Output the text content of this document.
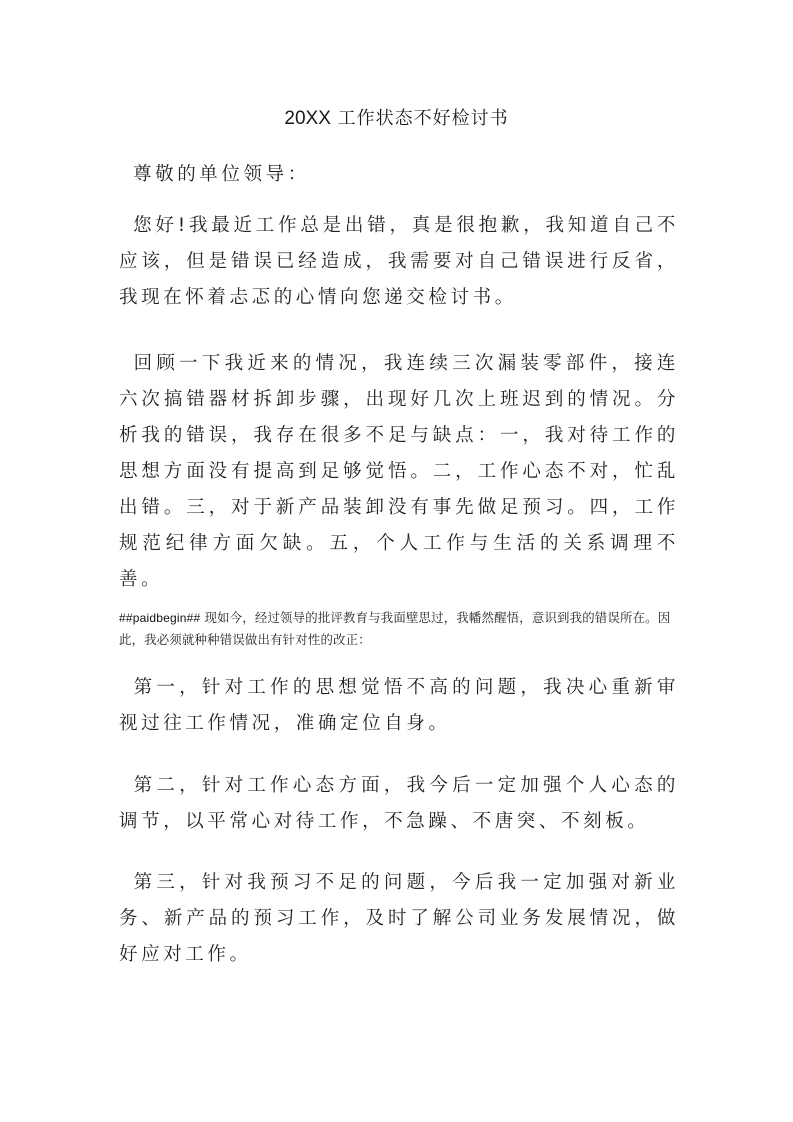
20XX 工作状态不好检讨书

尊敬的单位领导：

您好!我最近工作总是出错，真是很抱歉，我知道自己不应该，但是错误已经造成，我需要对自己错误进行反省，我现在怀着忐忑的心情向您递交检讨书。

回顾一下我近来的情况，我连续三次漏装零部件，接连六次搞错器材拆卸步骤，出现好几次上班迟到的情况。分析我的错误，我存在很多不足与缺点：一，我对待工作的思想方面没有提高到足够觉悟。二，工作心态不对，忙乱出错。三，对于新产品装卸没有事先做足预习。四，工作规范纪律方面欠缺。五，个人工作与生活的关系调理不善。

##paidbegin## 现如今，经过领导的批评教育与我面壁思过，我幡然醒悟，意识到我的错误所在。因此，我必须就种种错误做出有针对性的改正：

第一，针对工作的思想觉悟不高的问题，我决心重新审视过往工作情况，准确定位自身。

第二，针对工作心态方面，我今后一定加强个人心态的调节，以平常心对待工作，不急躁、不唐突、不刻板。

第三，针对我预习不足的问题，今后我一定加强对新业务、新产品的预习工作，及时了解公司业务发展情况，做好应对工作。
